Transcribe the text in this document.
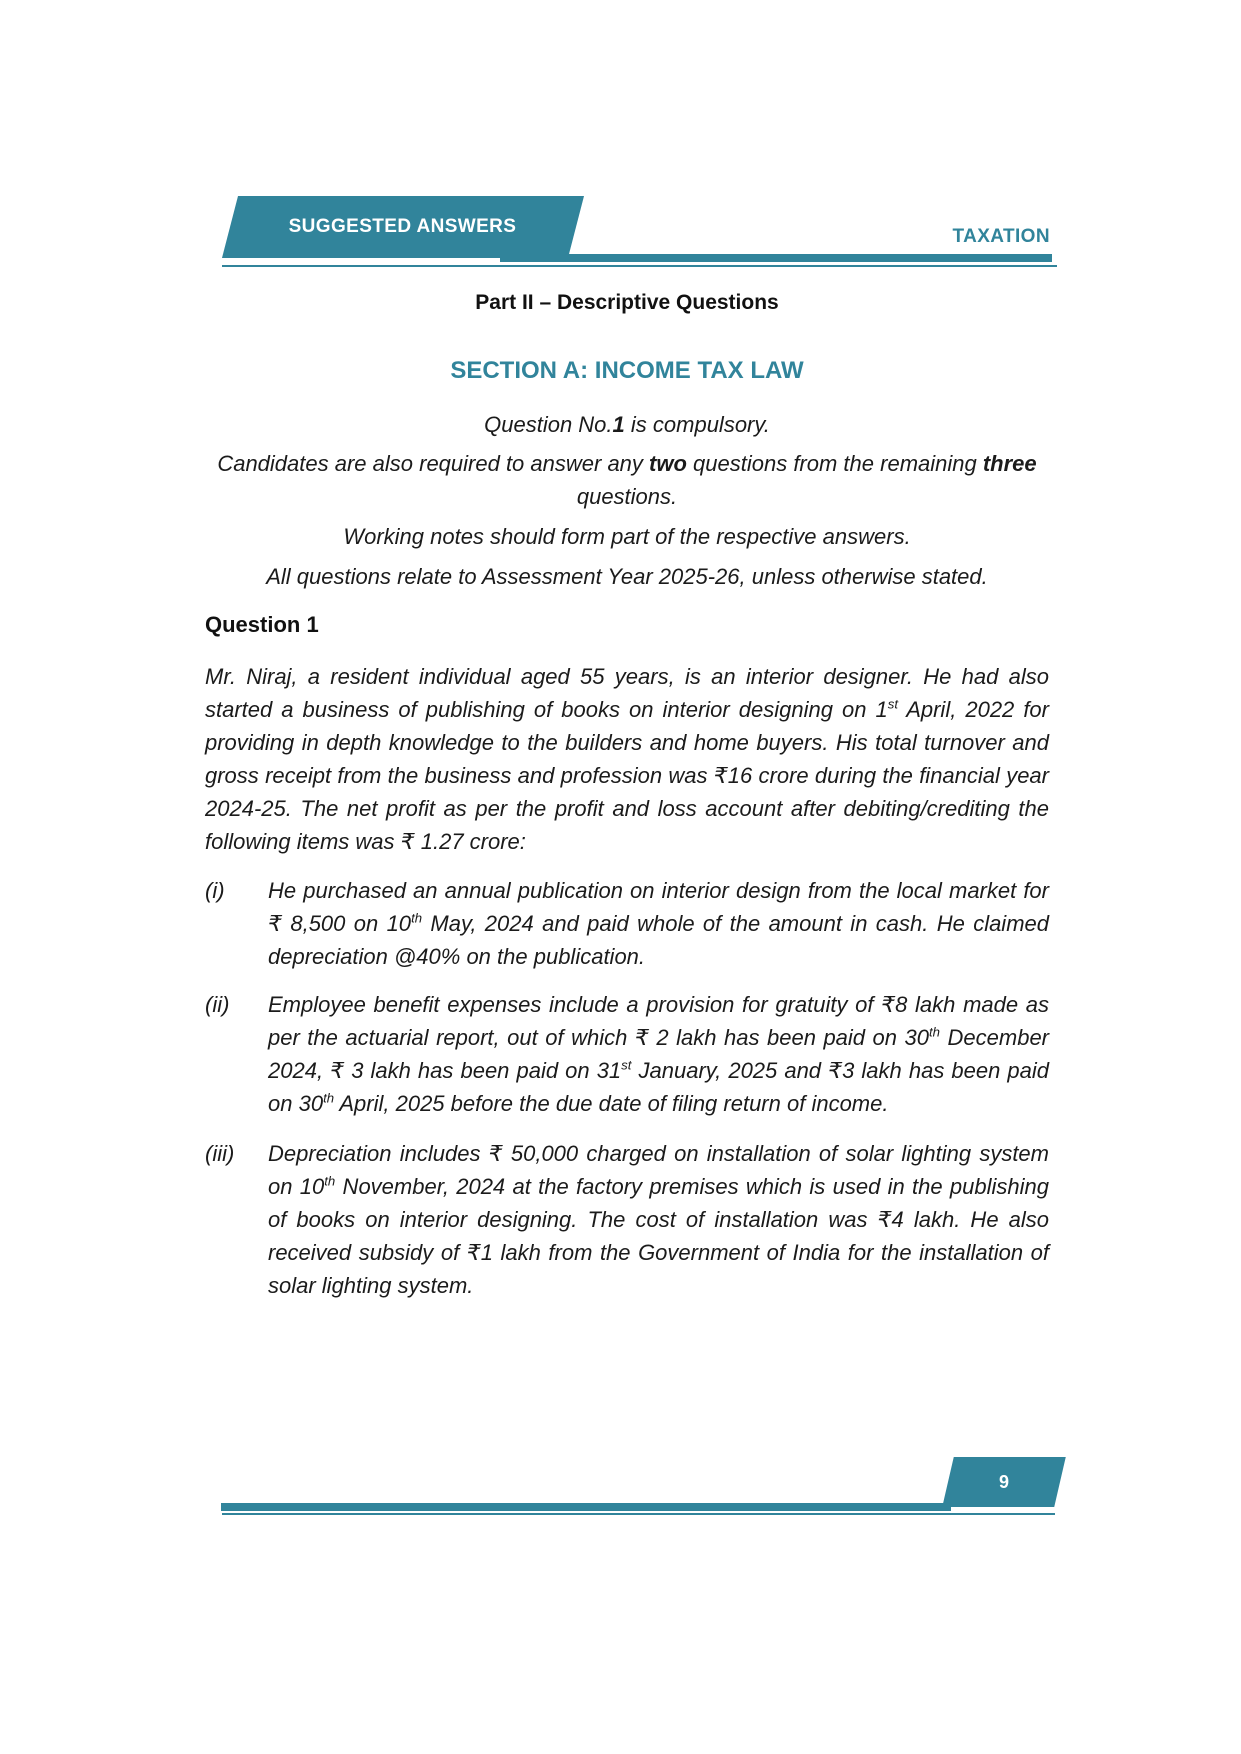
SUGGESTED ANSWERS	TAXATION
Part II – Descriptive Questions
SECTION A: INCOME TAX LAW
Question No.1 is compulsory.
Candidates are also required to answer any two questions from the remaining three questions.
Working notes should form part of the respective answers.
All questions relate to Assessment Year 2025-26, unless otherwise stated.
Question 1
Mr. Niraj, a resident individual aged 55 years, is an interior designer. He had also started a business of publishing of books on interior designing on 1st April, 2022 for providing in depth knowledge to the builders and home buyers. His total turnover and gross receipt from the business and profession was ₹16 crore during the financial year 2024-25. The net profit as per the profit and loss account after debiting/crediting the following items was ₹ 1.27 crore:
(i)	He purchased an annual publication on interior design from the local market for ₹ 8,500 on 10th May, 2024 and paid whole of the amount in cash. He claimed depreciation @40% on the publication.
(ii)	Employee benefit expenses include a provision for gratuity of ₹8 lakh made as per the actuarial report, out of which ₹ 2 lakh has been paid on 30th December 2024, ₹ 3 lakh has been paid on 31st January, 2025 and ₹3 lakh has been paid on 30th April, 2025 before the due date of filing return of income.
(iii)	Depreciation includes ₹ 50,000 charged on installation of solar lighting system on 10th November, 2024 at the factory premises which is used in the publishing of books on interior designing. The cost of installation was ₹4 lakh. He also received subsidy of ₹1 lakh from the Government of India for the installation of solar lighting system.
9
